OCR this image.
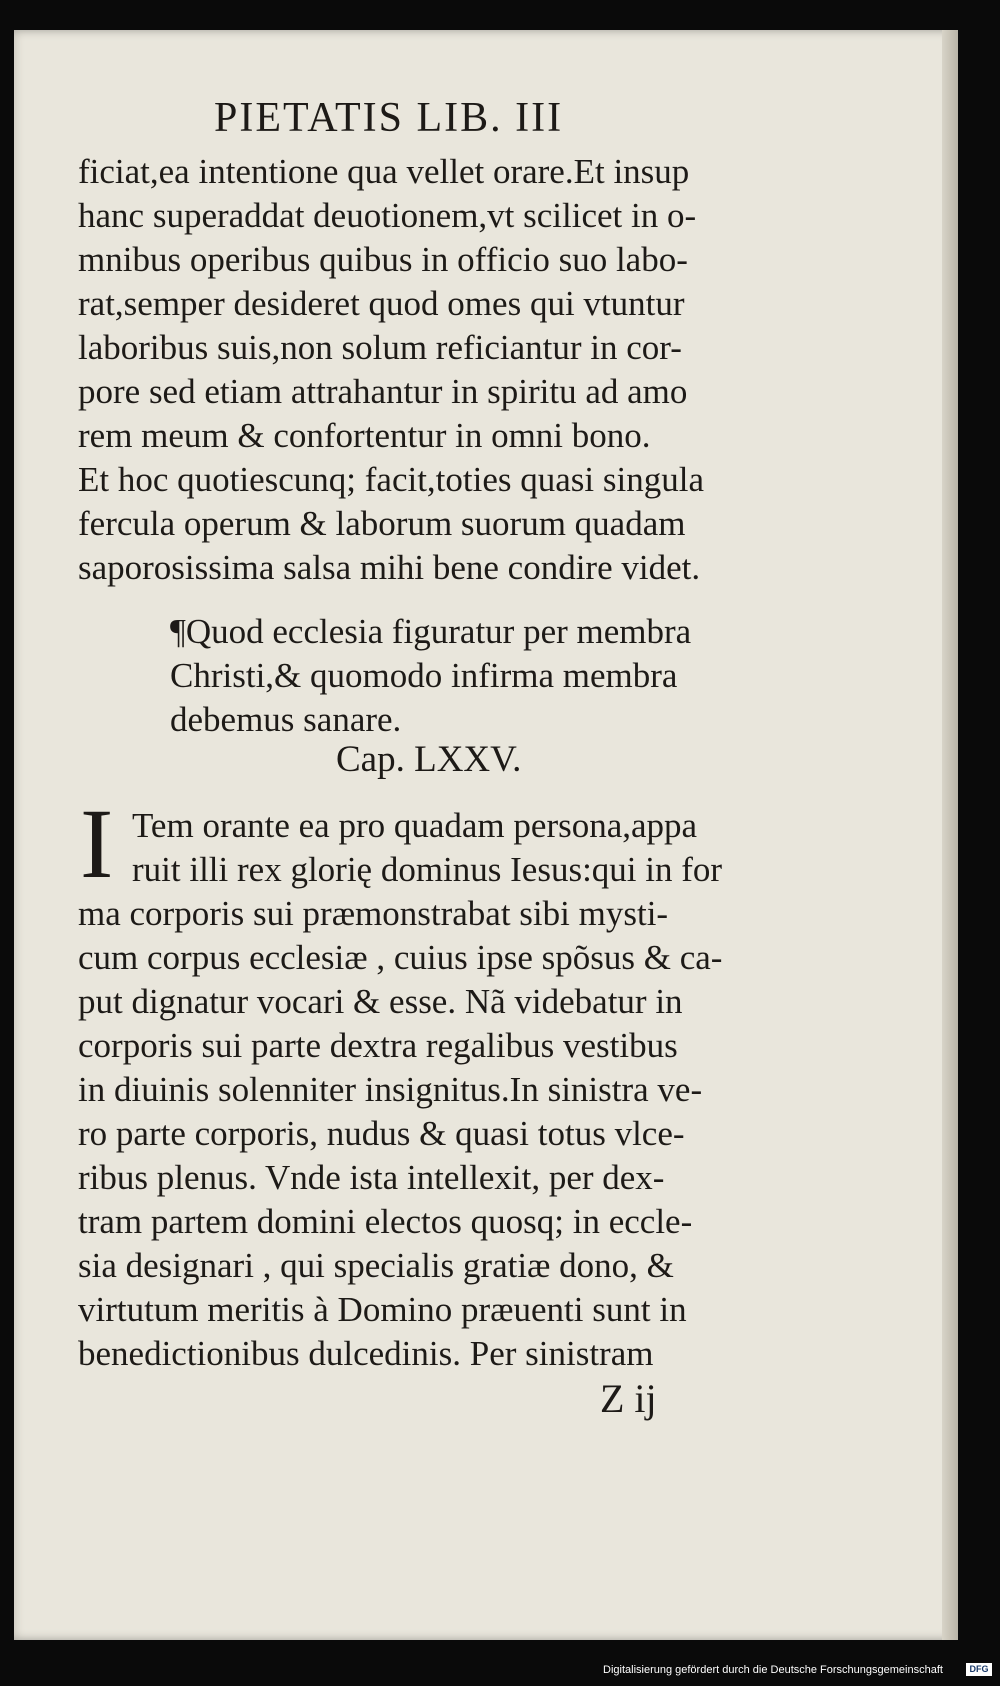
PIETATIS LIB. III
ficiat,ea intentione qua vellet orare.Et insup
hanc superaddat deuotionem,vt scilicet in o-
mnibus operibus quibus in officio suo labo-
rat,semper desideret quod omes qui vtuntur
laboribus suis,non solum reficiantur in cor-
pore sed etiam attrahantur in spiritu ad amo
rem meum & confortentur in omni bono.
Et hoc quotiescunq; facit,toties quasi singula
fercula operum & laborum suorum quadam
saporosissima salsa mihi bene condire videt.
¶Quod ecclesia figuratur per membra
Christi,& quomodo infirma membra
debemus sanare.
Cap. LXXV.
I Tem orante ea pro quadam persona,appa
ruit illi rex glorię dominus Iesus:qui in for
ma corporis sui præmonstrabat sibi mysti-
cum corpus ecclesiæ , cuius ipse spõsus & ca-
put dignatur vocari & esse. Nã videbatur in
corporis sui parte dextra regalibus vestibus
in diuinis solenniter insignitus.In sinistra ve-
ro parte corporis, nudus & quasi totus vlce-
ribus plenus. Vnde ista intellexit, per dex-
tram partem domini electos quosq; in eccle-
sia designari , qui specialis gratiæ dono, &
virtutum meritis à Domino præuenti sunt in
benedictionibus dulcedinis. Per sinistram
Z ij
Digitalisierung gefördert durch die Deutsche Forschungsgemeinschaft	DFG
